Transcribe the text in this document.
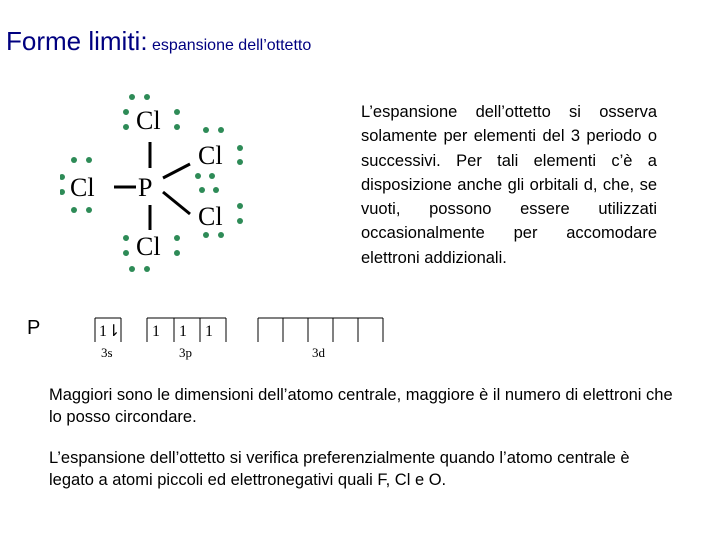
Forme limiti: espansione dell’ottetto
Cl
Cl
Cl P
Cl
Cl
L’espansione dell’ottetto si osserva solamente per elementi del 3 periodo o successivi. Per tali elementi c’è a disposizione anche gli orbitali d, che, se vuoti, possono essere utilizzati occasionalmente per accomodare elettroni addizionali.
P	1⇂ 1 1 1
3s	3p	3d
Maggiori sono le dimensioni dell’atomo centrale, maggiore è il numero di elettroni che lo posso circondare.
L’espansione dell’ottetto si verifica preferenzialmente quando l’atomo centrale è legato a atomi piccoli ed elettronegativi quali F, Cl e O.
